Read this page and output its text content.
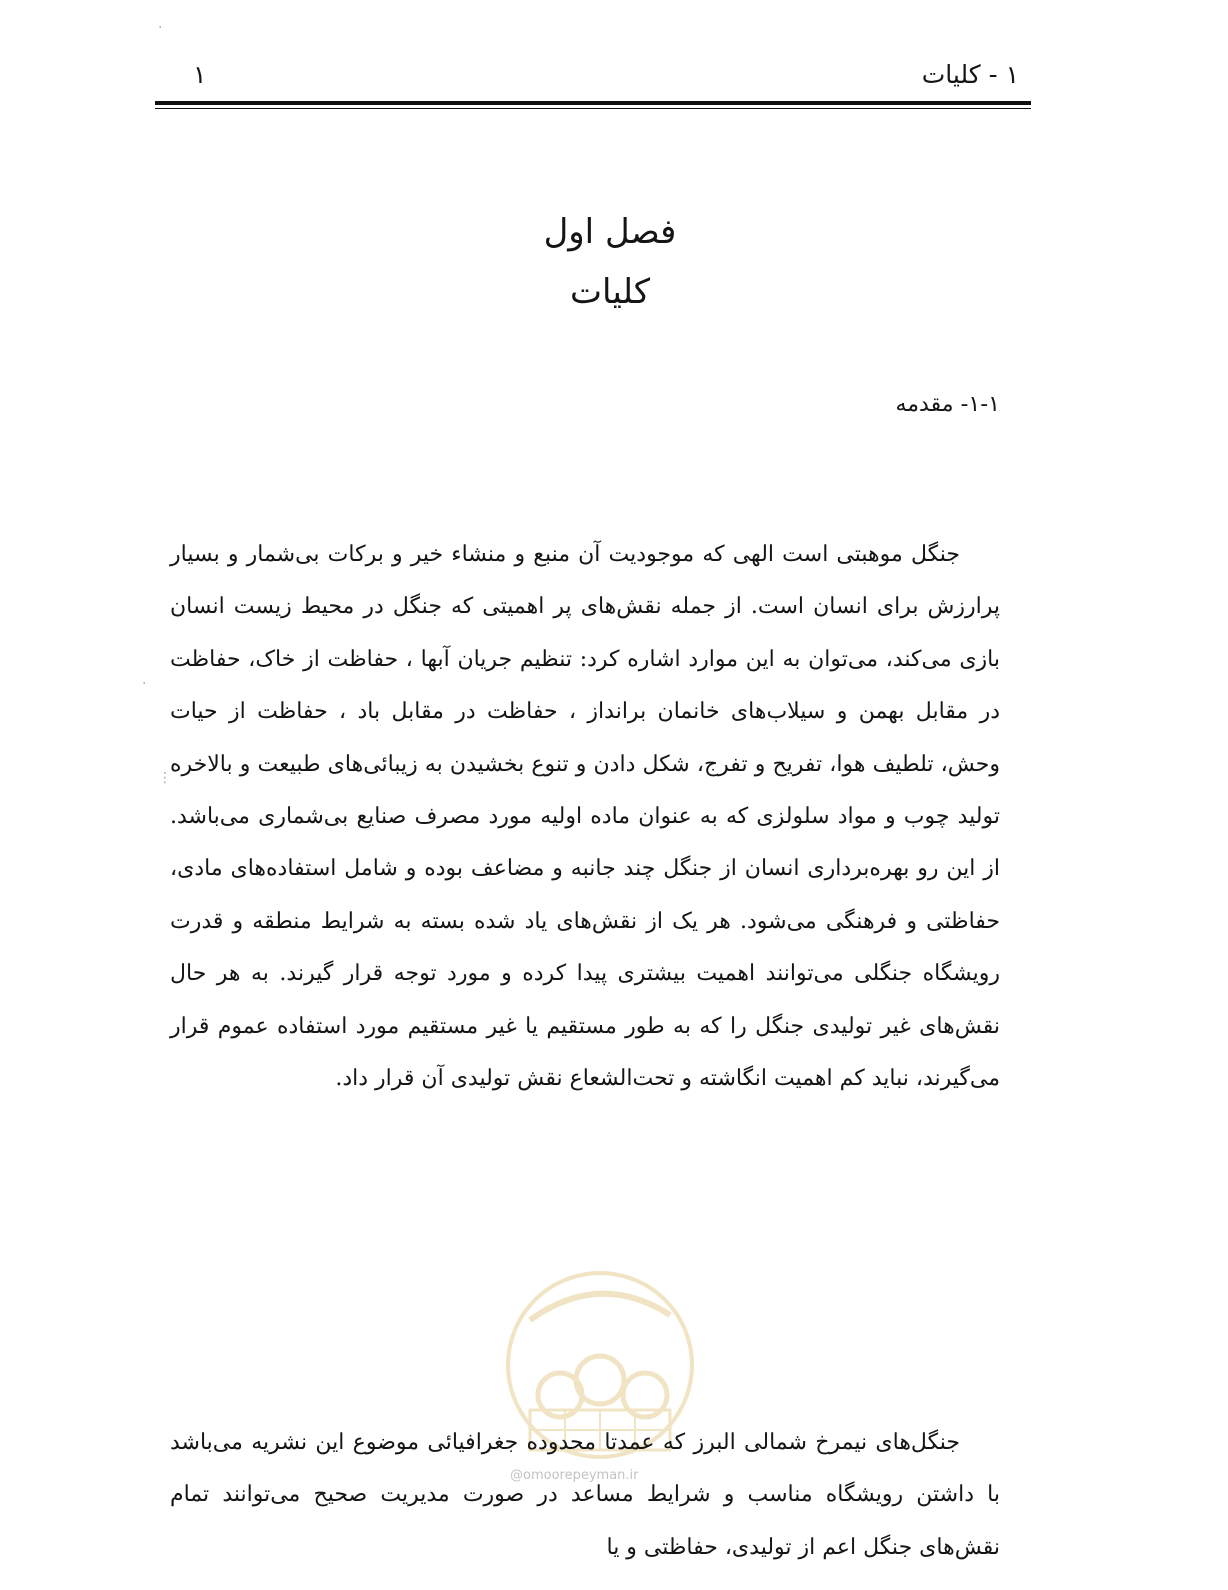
۱ - کلیات
۱
فصل اول
کلیات
۱-۱- مقدمه

جنگل موهبتی است الهی که موجودیت آن منبع و منشاء خیر و برکات بی‌شمار و بسیار پرارزش برای انسان است. از جمله نقش‌های پر اهمیتی که جنگل در محیط زیست انسان بازی می‌کند، می‌توان به این موارد اشاره کرد: تنظیم جریان آبها ، حفاظت از خاک، حفاظت در مقابل بهمن و سیلاب‌های خانمان برانداز ، حفاظت در مقابل باد ، حفاظت از حیات وحش، تلطیف هوا، تفریح و تفرج، شکل دادن و تنوع بخشیدن به زیبائی‌های طبیعت و بالاخره تولید چوب و مواد سلولزی که به عنوان ماده اولیه مورد مصرف صنایع بی‌شماری می‌باشد. از این رو بهره‌برداری انسان از جنگل چند جانبه و مضاعف بوده و شامل استفاده‌های مادی، حفاظتی و فرهنگی می‌شود. هر یک از نقش‌های یاد شده بسته به شرایط منطقه و قدرت رویشگاه جنگلی می‌توانند اهمیت بیشتری پیدا کرده و مورد توجه قرار گیرند. به هر حال نقش‌های غیر تولیدی جنگل را که به طور مستقیم یا غیر مستقیم مورد استفاده عموم قرار می‌گیرند، نباید کم اهمیت انگاشته و تحت‌الشعاع نقش تولیدی آن قرار داد.

@omoorepeyman.ir

جنگل‌های نیمرخ شمالی البرز که عمدتا محدوده جغرافیائی موضوع این نشریه می‌باشد با داشتن رویشگاه مناسب و شرایط مساعد در صورت مدیریت صحیح می‌توانند تمام نقش‌های جنگل اعم از تولیدی، حفاظتی و یا

·
·
⋮
